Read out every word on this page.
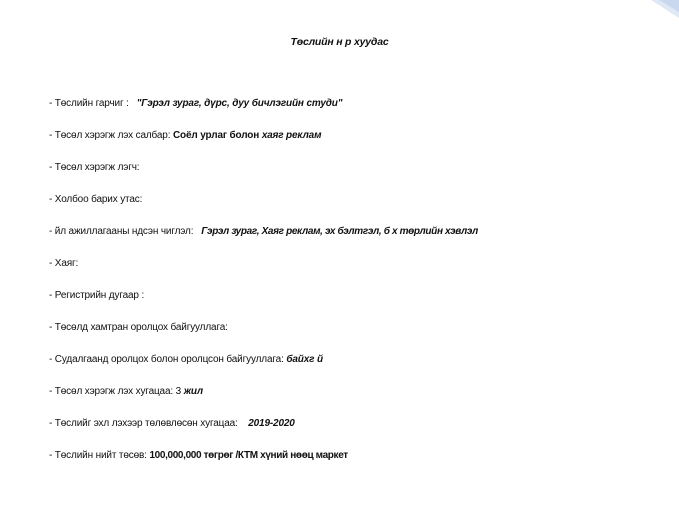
Төслийн н р хуудас
- Төслийн гарчиг : "Гэрэл зураг, дүрс, дуу бичлэгийн студи"
- Төсөл хэрэгж лэх салбар: Соёл урлаг болон хаяг реклам
- Төсөл хэрэгж лэгч:
- Холбоо барих утас:
- йл ажиллагааны ндсэн чиглэл: Гэрэл зураг, Хаяг реклам, эх бэлтгэл, б х төрлийн хэвлэл
- Хаяг:
- Регистрийн дугаар :
- Төсөлд хамтран оролцох байгууллага:
- Судалгаанд оролцох болон оролцсон байгууллага: байхг й
- Төсөл хэрэгж лэх хугацаа: 3 жил
- Төслийг эхл лэхээр төлөвлөсөн хугацаа: 2019-2020
- Төслийн нийт төсөв: 100,000,000 төгрөг /КТМ хүний нөөц маркет
